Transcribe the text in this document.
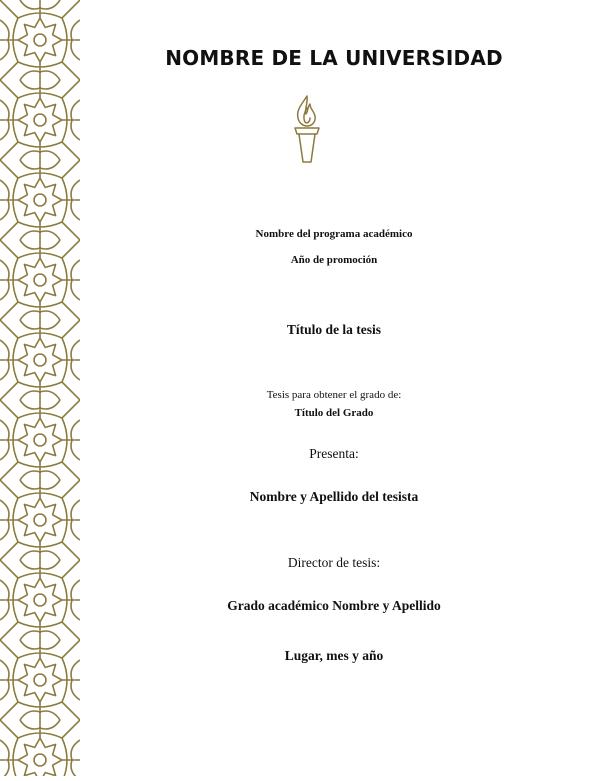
NOMBRE DE LA UNIVERSIDAD
Nombre del programa académico
Año de promoción
Título de la tesis
Tesis para obtener el grado de:
Título del Grado
Presenta:
Nombre y Apellido del tesista
Director de tesis:
Grado académico Nombre y Apellido
Lugar, mes y año
